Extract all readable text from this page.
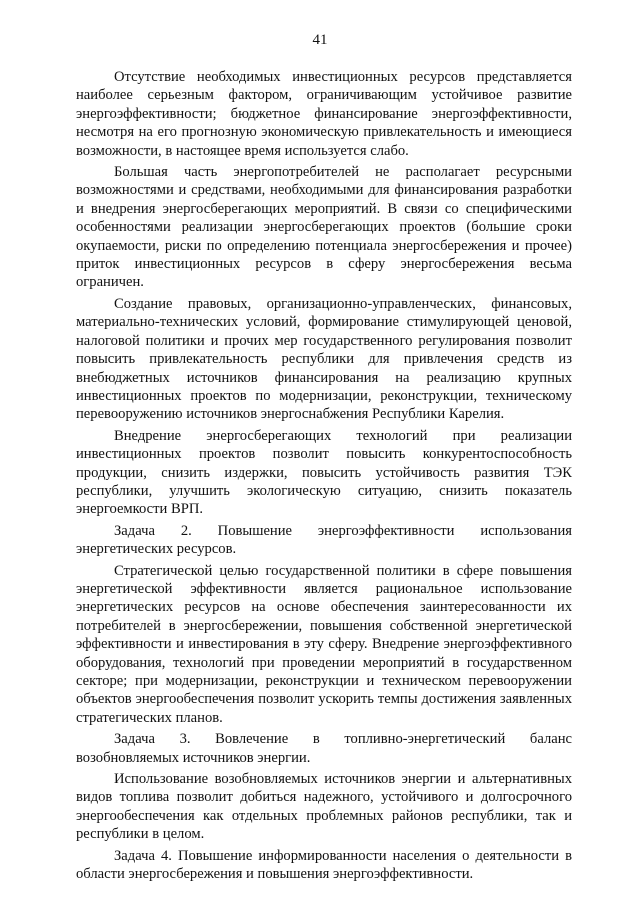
41

Отсутствие необходимых инвестиционных ресурсов представляется наиболее серьезным фактором, ограничивающим устойчивое развитие энергоэффективности; бюджетное финансирование энергоэффективности, несмотря на его прогнозную экономическую привлекательность и имеющиеся возможности, в настоящее время используется слабо.

Большая часть энергопотребителей не располагает ресурсными возможностями и средствами, необходимыми для финансирования разработки и внедрения энергосберегающих мероприятий. В связи со специфическими особенностями реализации энергосберегающих проектов (большие сроки окупаемости, риски по определению потенциала энергосбережения и прочее) приток инвестиционных ресурсов в сферу энергосбережения весьма ограничен.

Создание правовых, организационно-управленческих, финансовых, материально-технических условий, формирование стимулирующей ценовой, налоговой политики и прочих мер государственного регулирования позволит повысить привлекательность республики для привлечения средств из внебюджетных источников финансирования на реализацию крупных инвестиционных проектов по модернизации, реконструкции, техническому перевооружению источников энергоснабжения Республики Карелия.

Внедрение энергосберегающих технологий при реализации инвестиционных проектов позволит повысить конкурентоспособность продукции, снизить издержки, повысить устойчивость развития ТЭК республики, улучшить экологическую ситуацию, снизить показатель энергоемкости ВРП.

Задача 2. Повышение энергоэффективности использования энергетических ресурсов.

Стратегической целью государственной политики в сфере повышения энергетической эффективности является рациональное использование энергетических ресурсов на основе обеспечения заинтересованности их потребителей в энергосбережении, повышения собственной энергетической эффективности и инвестирования в эту сферу. Внедрение энергоэффективного оборудования, технологий при проведении мероприятий в государственном секторе; при модернизации, реконструкции и техническом перевооружении объектов энергообеспечения позволит ускорить темпы достижения заявленных стратегических планов.

Задача 3. Вовлечение в топливно-энергетический баланс возобновляемых источников энергии.

Использование возобновляемых источников энергии и альтернативных видов топлива позволит добиться надежного, устойчивого и долгосрочного энергообеспечения как отдельных проблемных районов республики, так и республики в целом.

Задача 4. Повышение информированности населения о деятельности в области энергосбережения и повышения энергоэффективности.
